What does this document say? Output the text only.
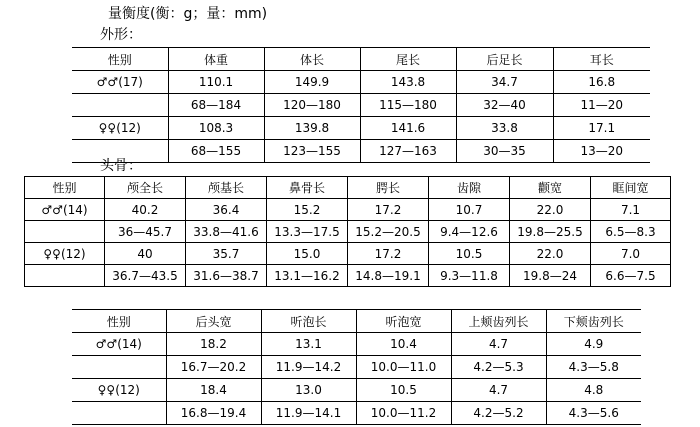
量衡度(衡：g；量：mm)
外形：
性别	体重	体长	尾长	后足长	耳长
♂♂(17)	110.1	149.9	143.8	34.7	16.8
	68—184	120—180	115—180	32—40	11—20
♀♀(12)	108.3	139.8	141.6	33.8	17.1
	68—155	123—155	127—163	30—35	13—20
头骨：
性别	颅全长	颅基长	鼻骨长	腭长	齿隙	颧宽	眶间宽
♂♂(14)	40.2	36.4	15.2	17.2	10.7	22.0	7.1
	36—45.7	33.8—41.6	13.3—17.5	15.2—20.5	9.4—12.6	19.8—25.5	6.5—8.3
♀♀(12)	40	35.7	15.0	17.2	10.5	22.0	7.0
	36.7—43.5	31.6—38.7	13.1—16.2	14.8—19.1	9.3—11.8	19.8—24	6.6—7.5
性别	后头宽	听泡长	听泡宽	上颊齿列长	下颊齿列长
♂♂(14)	18.2	13.1	10.4	4.7	4.9
	16.7—20.2	11.9—14.2	10.0—11.0	4.2—5.3	4.3—5.8
♀♀(12)	18.4	13.0	10.5	4.7	4.8
	16.8—19.4	11.9—14.1	10.0—11.2	4.2—5.2	4.3—5.6
